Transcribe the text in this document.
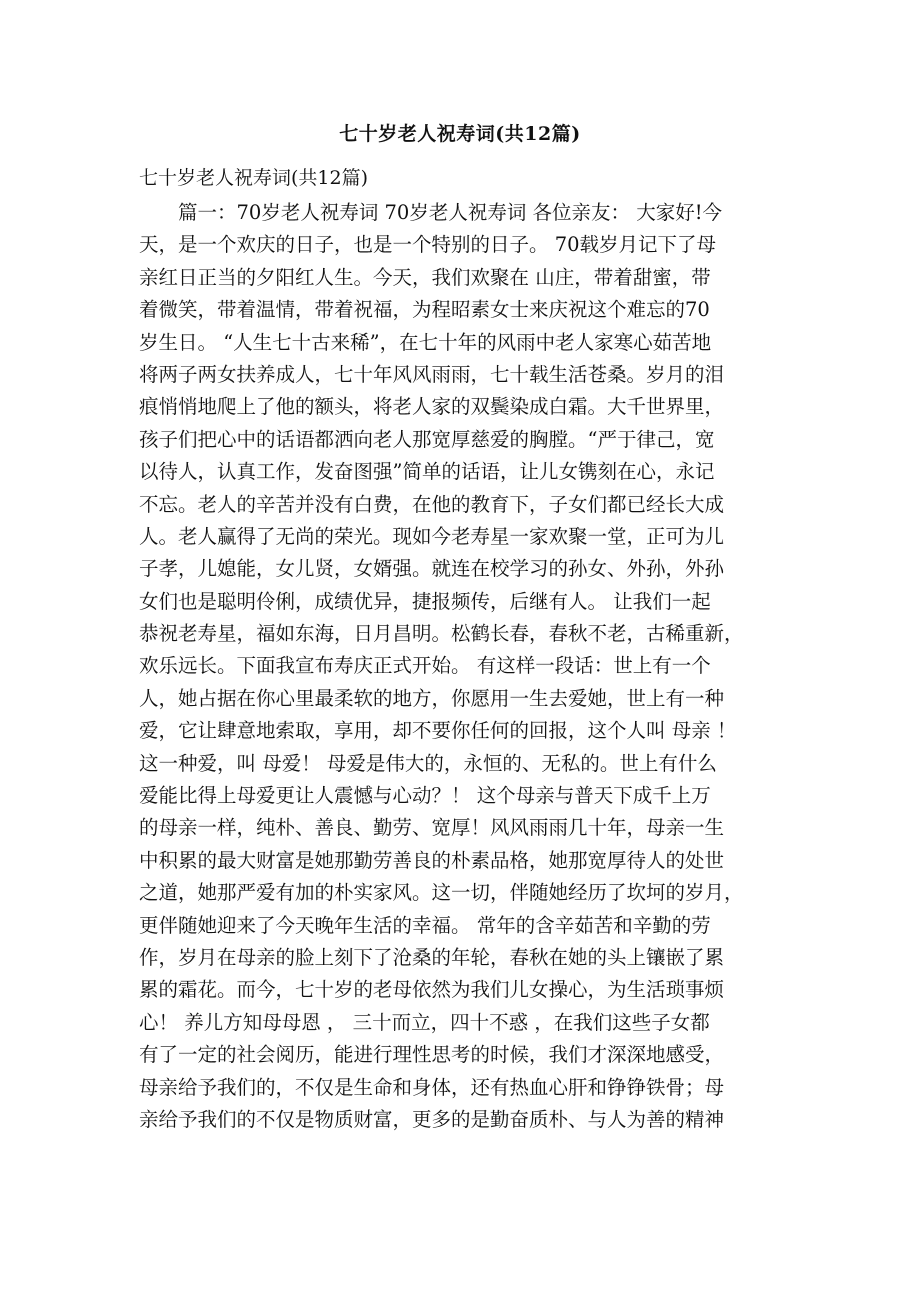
七十岁老人祝寿词(共12篇)
七十岁老人祝寿词(共12篇)
　　篇一：70岁老人祝寿词 70岁老人祝寿词 各位亲友： 大家好!今
天，是一个欢庆的日子，也是一个特别的日子。 70载岁月记下了母
亲红日正当的夕阳红人生。今天，我们欢聚在 山庄，带着甜蜜，带
着微笑，带着温情，带着祝福，为程昭素女士来庆祝这个难忘的70
岁生日。 “人生七十古来稀”，在七十年的风雨中老人家寒心茹苦地
将两子两女扶养成人，七十年风风雨雨，七十载生活苍桑。岁月的泪
痕悄悄地爬上了他的额头，将老人家的双鬓染成白霜。大千世界里，
孩子们把心中的话语都洒向老人那宽厚慈爱的胸膛。“严于律己，宽
以待人，认真工作，发奋图强”简单的话语，让儿女镌刻在心，永记
不忘。老人的辛苦并没有白费，在他的教育下，子女们都已经长大成
人。老人赢得了无尚的荣光。现如今老寿星一家欢聚一堂，正可为儿
子孝，儿媳能，女儿贤，女婿强。就连在校学习的孙女、外孙，外孙
女们也是聪明伶俐，成绩优异，捷报频传，后继有人。 让我们一起
恭祝老寿星，福如东海，日月昌明。松鹤长春，春秋不老，古稀重新，
欢乐远长。下面我宣布寿庆正式开始。 有这样一段话：世上有一个
人，她占据在你心里最柔软的地方，你愿用一生去爱她，世上有一种
爱，它让肆意地索取，享用，却不要你任何的回报，这个人叫 母亲 ！
这一种爱，叫 母爱！ 母爱是伟大的，永恒的、无私的。世上有什么
爱能比得上母爱更让人震憾与心动？！ 这个母亲与普天下成千上万
的母亲一样，纯朴、善良、勤劳、宽厚！风风雨雨几十年，母亲一生
中积累的最大财富是她那勤劳善良的朴素品格，她那宽厚待人的处世
之道，她那严爱有加的朴实家风。这一切，伴随她经历了坎坷的岁月，
更伴随她迎来了今天晚年生活的幸福。 常年的含辛茹苦和辛勤的劳
作，岁月在母亲的脸上刻下了沧桑的年轮，春秋在她的头上镶嵌了累
累的霜花。而今，七十岁的老母依然为我们儿女操心，为生活琐事烦
心！ 养儿方知母母恩 ， 三十而立，四十不惑 ，在我们这些子女都
有了一定的社会阅历，能进行理性思考的时候，我们才深深地感受，
母亲给予我们的，不仅是生命和身体，还有热血心肝和铮铮铁骨；母
亲给予我们的不仅是物质财富，更多的是勤奋质朴、与人为善的精神
